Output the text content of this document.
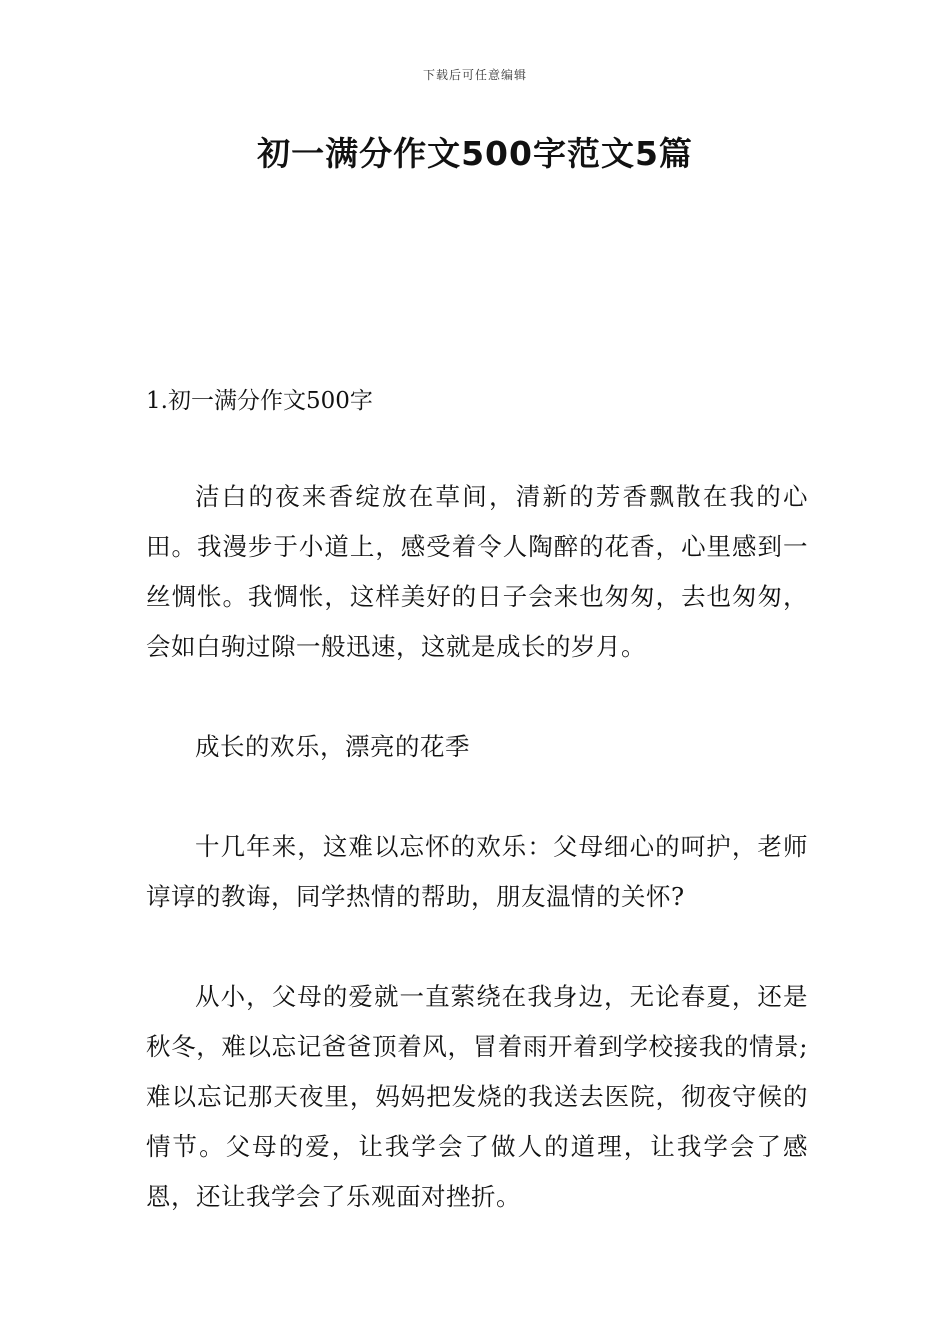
下载后可任意编辑
初一满分作文500字范文5篇

1.初一满分作文500字

洁白的夜来香绽放在草间，清新的芳香飘散在我的心田。我漫步于小道上，感受着令人陶醉的花香，心里感到一丝惆怅。我惆怅，这样美好的日子会来也匆匆，去也匆匆，会如白驹过隙一般迅速，这就是成长的岁月。

成长的欢乐，漂亮的花季

十几年来，这难以忘怀的欢乐：父母细心的呵护，老师谆谆的教诲，同学热情的帮助，朋友温情的关怀?

从小，父母的爱就一直萦绕在我身边，无论春夏，还是秋冬，难以忘记爸爸顶着风，冒着雨开着到学校接我的情景;难以忘记那天夜里，妈妈把发烧的我送去医院，彻夜守候的情节。父母的爱，让我学会了做人的道理，让我学会了感恩，还让我学会了乐观面对挫折。
